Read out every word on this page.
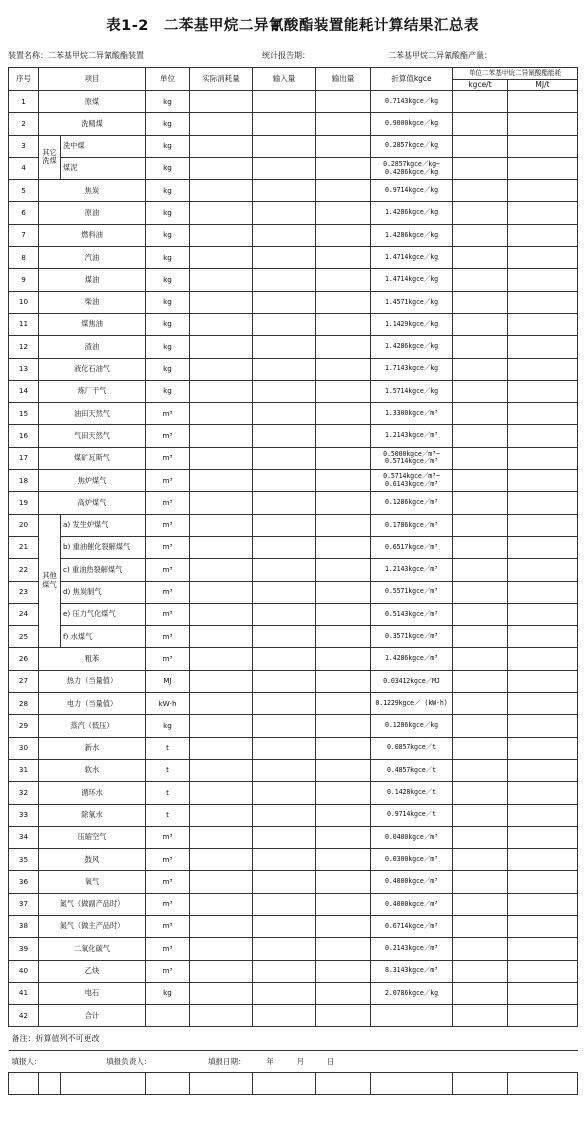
表1-2　二苯基甲烷二异氰酸酯装置能耗计算结果汇总表
装置名称：二苯基甲烷二异氰酸酯装置	统计报告期：	二苯基甲烷二异氰酸酯产量：
序号	项目		单位	实际消耗量	输入量	输出量	折算值kgce	单位二苯基甲烷二异氰酸酯能耗	
								kgce/t	MJ/t
1	原煤		kg				0.7143kgce／kg		
2	洗精煤		kg				0.9000kgce／kg		
3	其它洗煤	洗中煤	kg				0.2857kgce／kg		
4		煤泥	kg				0.2857kgce／kg~ 0.4286kgce／kg		
5	焦炭		kg				0.9714kgce／kg		
6	原油		kg				1.4286kgce／kg		
7	燃料油		kg				1.4286kgce／kg		
8	汽油		kg				1.4714kgce／kg		
9	煤油		kg				1.4714kgce／kg		
10	柴油		kg				1.4571kgce／kg		
11	煤焦油		kg				1.1429kgce／kg		
12	渣油		kg				1.4286kgce／kg		
13	液化石油气		kg				1.7143kgce／kg		
14	炼厂干气		kg				1.5714kgce／kg		
15	油田天然气		m³				1.3300kgce／m³		
16	气田天然气		m³				1.2143kgce／m³		
17	煤矿瓦斯气		m³				0.5000kgce／m³~ 0.5714kgce／m³		
18	焦炉煤气		m³				0.5714kgce／m³~ 0.6143kgce／m³		
19	高炉煤气		m³				0.1286kgce／m³		
20	其他煤气	a) 发生炉煤气	m³				0.1786kgce／m³		
21		b) 重油催化裂解煤气	m³				0.6517kgce／m³		
22		c) 重油热裂解煤气	m³				1.2143kgce／m³		
23		d) 焦炭制气	m³				0.5571kgce／m³		
24		e) 压力气化煤气	m³				0.5143kgce／m³		
25		f) 水煤气	m³				0.3571kgce／m³		
26	粗苯		m³				1.4286kgce／m³		
27	热力（当量值）		MJ				0.03412kgce／MJ		
28	电力（当量值）		kW·h				0.1229kgce／ (kW·h)		
29	蒸汽（低压）		kg				0.1286kgce／kg		
30	新水		t				0.0857kgce／t		
31	软水		t				0.4857kgce／t		
32	循环水		t				0.1428kgce／t		
33	除氧水		t				0.9714kgce／t		
34	压缩空气		m³				0.0400kgce／m³		
35	鼓风		m³				0.0300kgce／m³		
36	氧气		m³				0.4000kgce／m³		
37	氮气（做副产品时）		m³				0.4000kgce／m³		
38	氮气（做主产品时）		m³				0.6714kgce／m³		
39	二氧化碳气		m³				0.2143kgce／m³		
40	乙炔		m³				8.3143kgce／m³		
41	电石		kg				2.0786kgce／kg		
42	合计								
备注：折算值列不可更改									
填报人： 填报负责人： 填报日期： 年 月 日									
